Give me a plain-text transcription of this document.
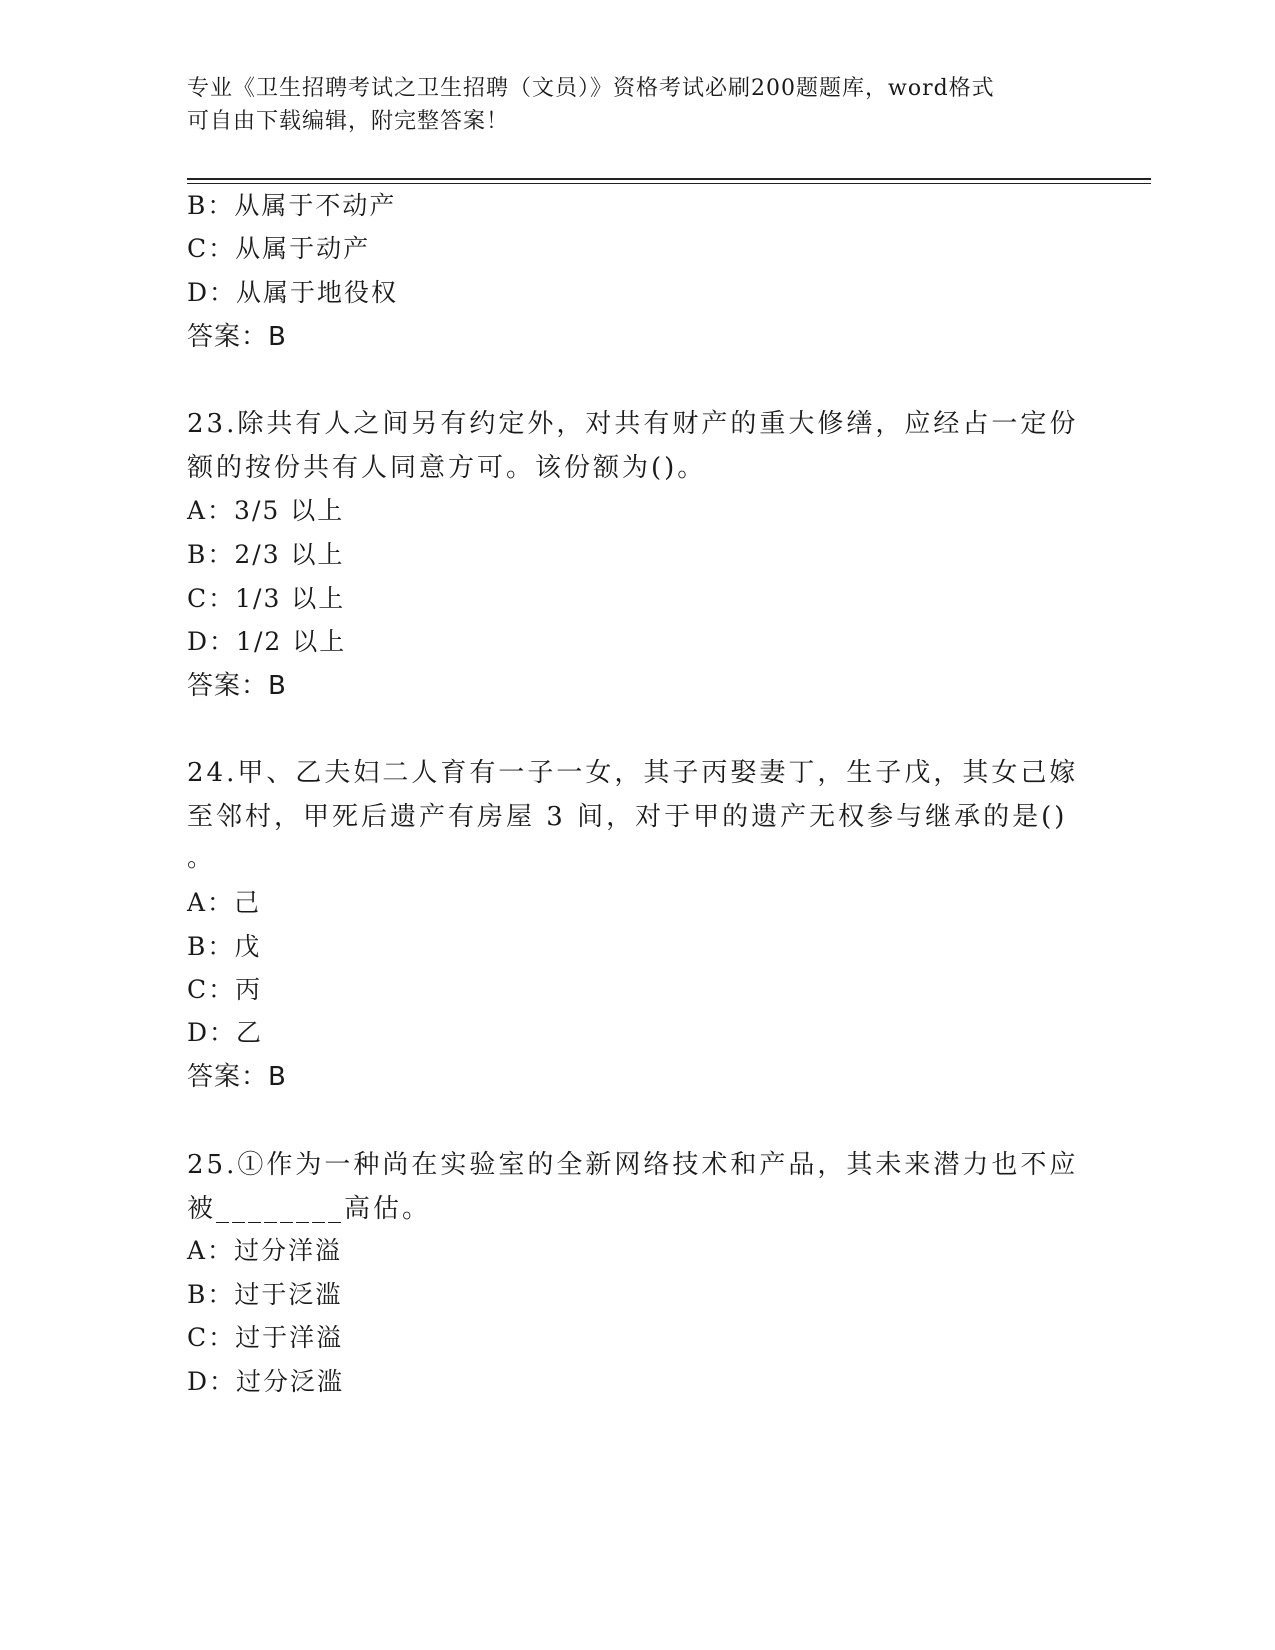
专业《卫生招聘考试之卫生招聘（文员）》资格考试必刷200题题库，word格式
可自由下载编辑，附完整答案！
B：从属于不动产
C：从属于动产
D：从属于地役权
答案：B
23.除共有人之间另有约定外，对共有财产的重大修缮，应经占一定份
额的按份共有人同意方可。该份额为()。
A：3/5 以上
B：2/3 以上
C：1/3 以上
D：1/2 以上
答案：B
24.甲、乙夫妇二人育有一子一女，其子丙娶妻丁，生子戊，其女己嫁
至邻村，甲死后遗产有房屋 3 间，对于甲的遗产无权参与继承的是()
。
A：己
B：戊
C：丙
D：乙
答案：B
25.①作为一种尚在实验室的全新网络技术和产品，其未来潜力也不应
被________高估。
A：过分洋溢
B：过于泛滥
C：过于洋溢
D：过分泛滥
